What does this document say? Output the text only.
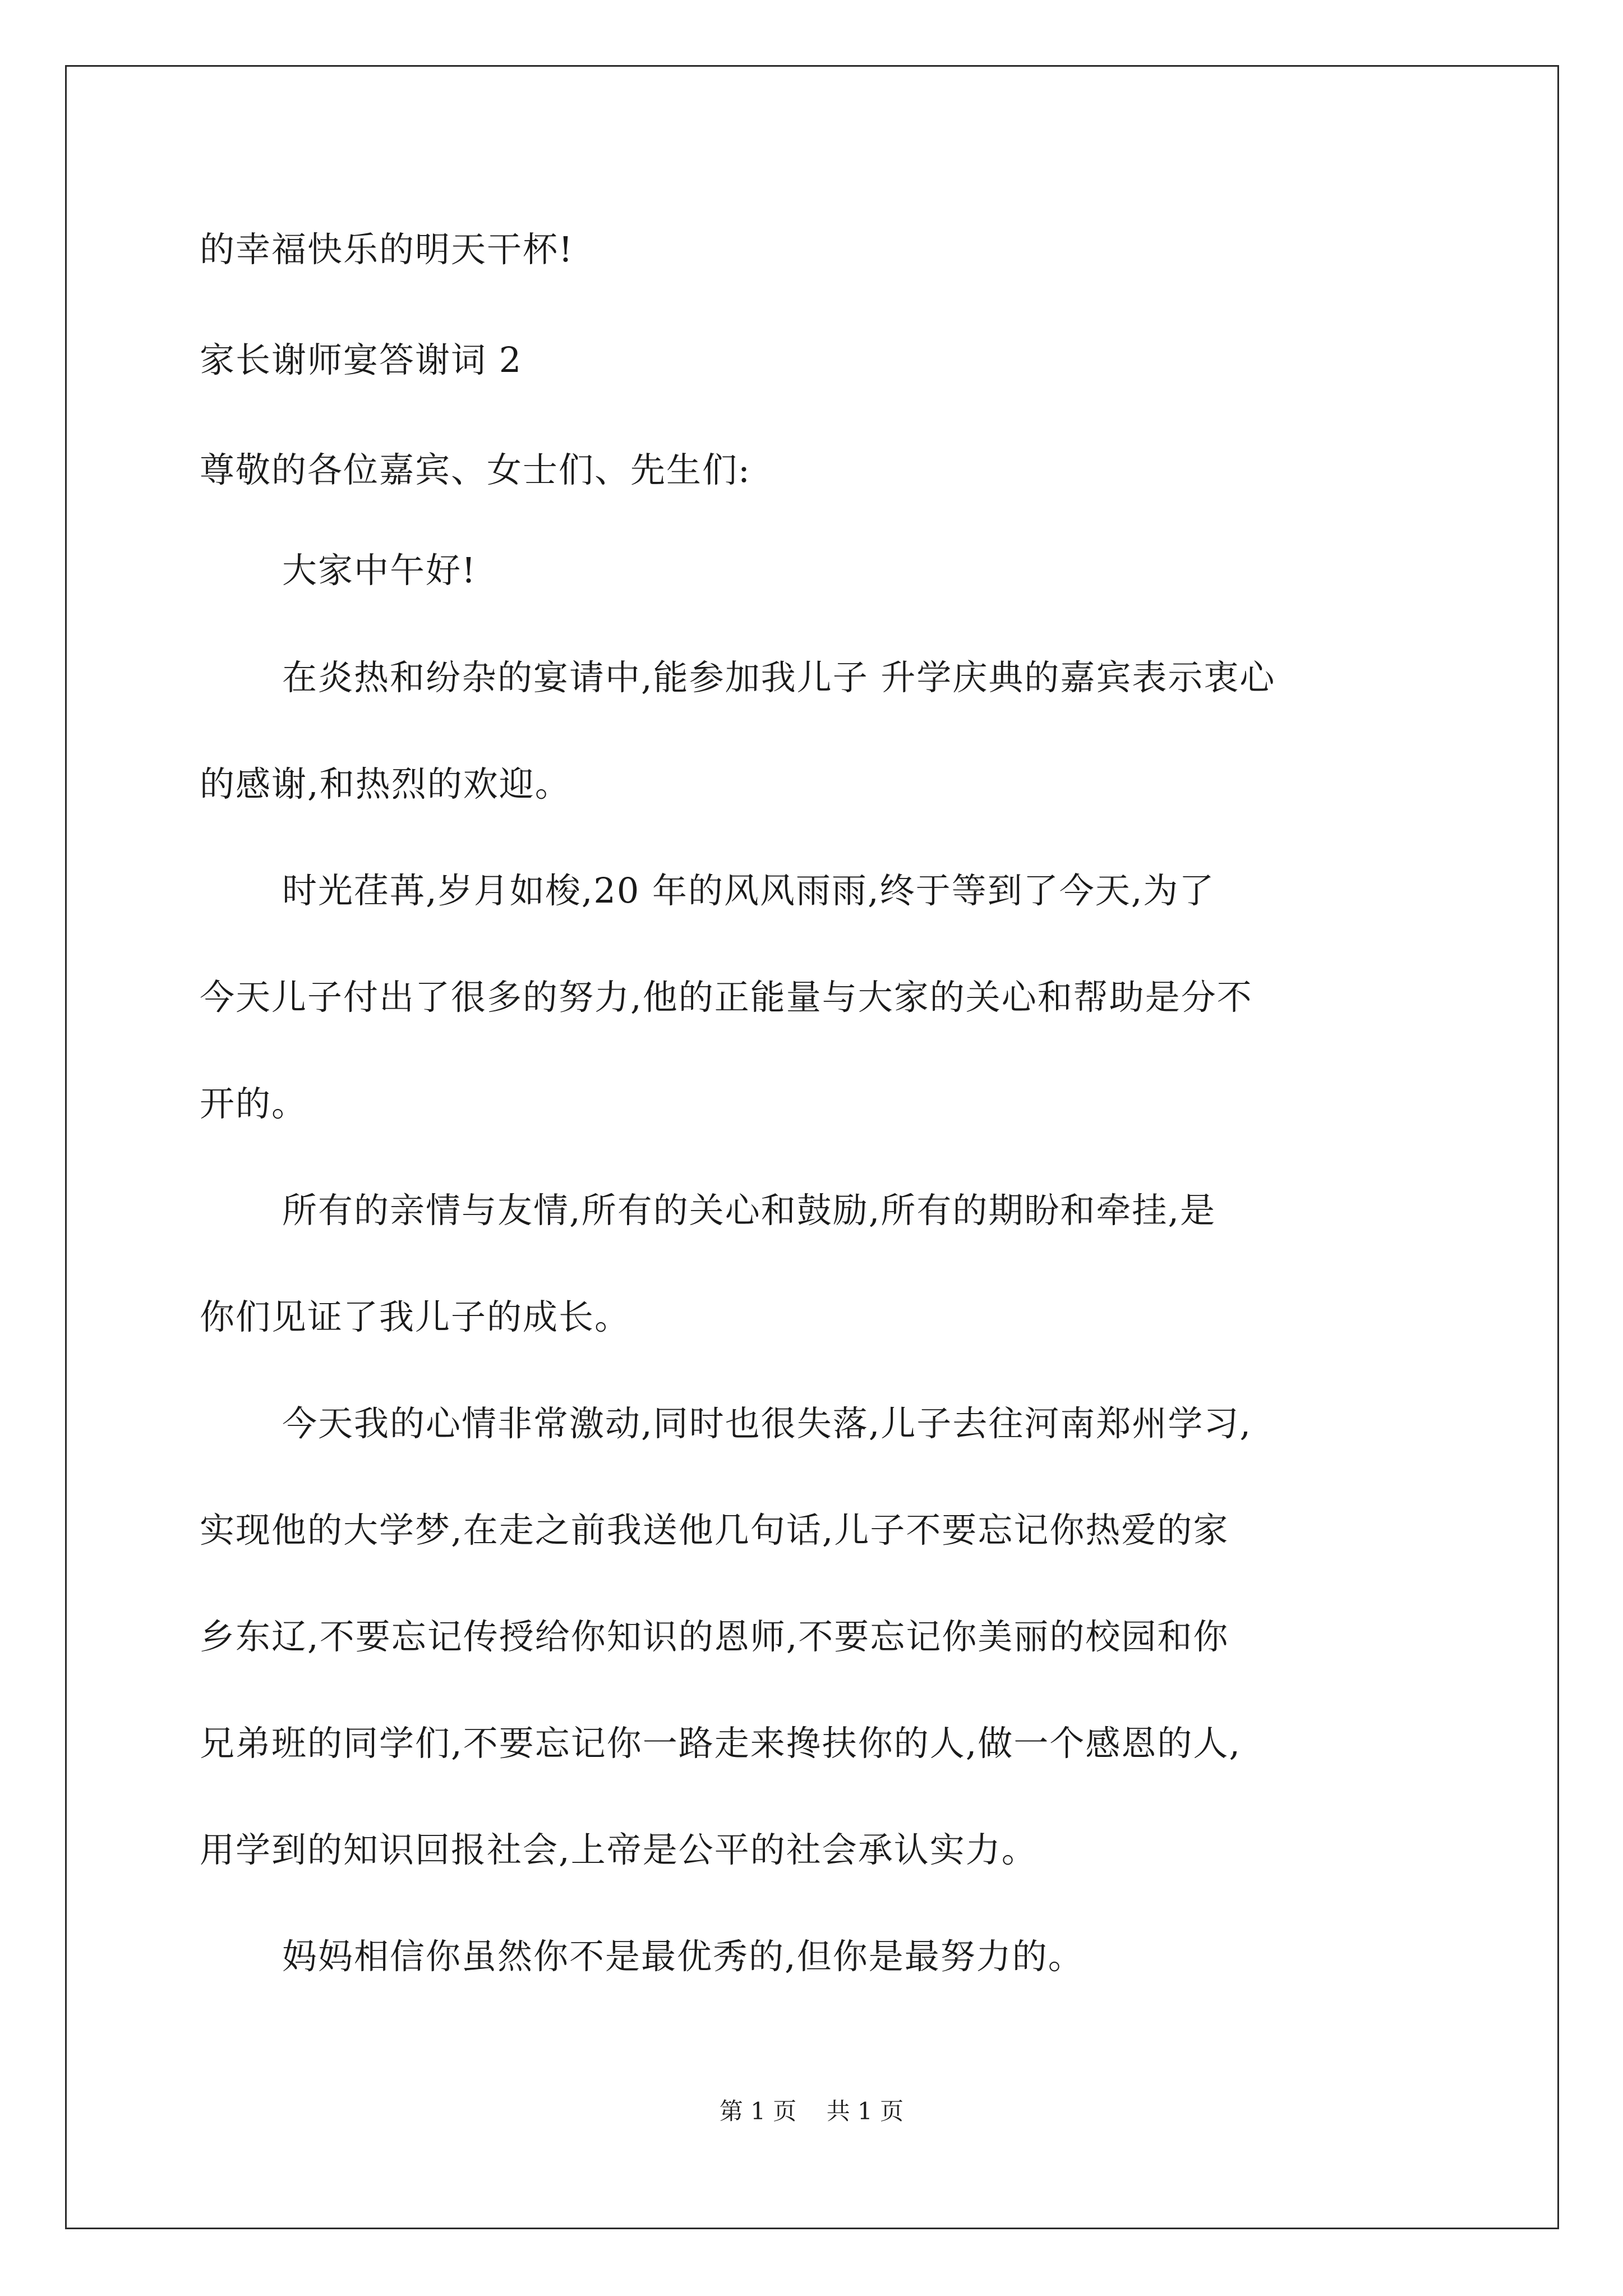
的幸福快乐的明天干杯!
家长谢师宴答谢词 2
尊敬的各位嘉宾、女士们、先生们:
大家中午好!
在炎热和纷杂的宴请中,能参加我儿子 升学庆典的嘉宾表示衷心
的感谢,和热烈的欢迎。
时光荏苒,岁月如梭,20 年的风风雨雨,终于等到了今天,为了
今天儿子付出了很多的努力,他的正能量与大家的关心和帮助是分不
开的。
所有的亲情与友情,所有的关心和鼓励,所有的期盼和牵挂,是
你们见证了我儿子的成长。
今天我的心情非常激动,同时也很失落,儿子去往河南郑州学习,
实现他的大学梦,在走之前我送他几句话,儿子不要忘记你热爱的家
乡东辽,不要忘记传授给你知识的恩师,不要忘记你美丽的校园和你
兄弟班的同学们,不要忘记你一路走来搀扶你的人,做一个感恩的人,
用学到的知识回报社会,上帝是公平的社会承认实力。
妈妈相信你虽然你不是最优秀的,但你是最努力的。
第 1 页    共 1 页
